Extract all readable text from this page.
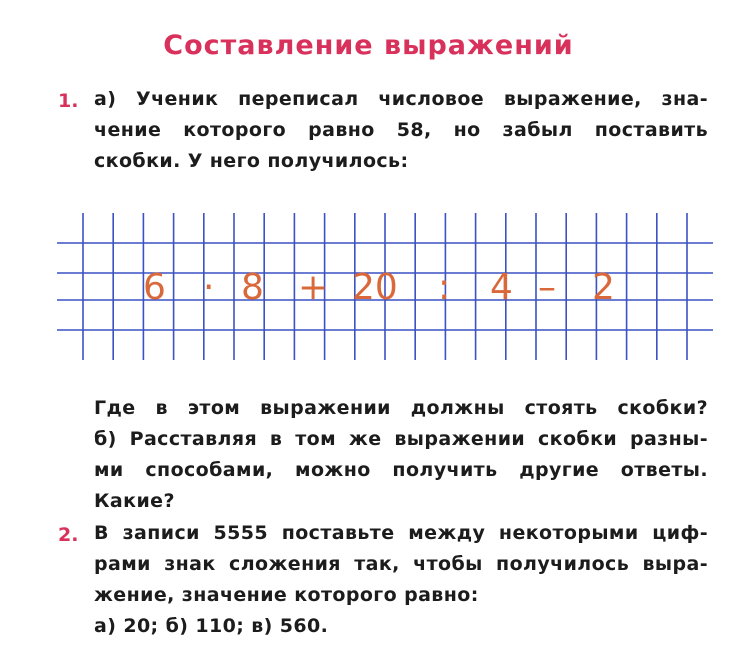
Составление выражений
1. а) Ученик переписал числовое выражение, зна-
чение которого равно 58, но забыл поставить
скобки. У него получилось:
6 · 8 + 20 : 4 – 2
Где в этом выражении должны стоять скобки?
б) Расставляя в том же выражении скобки разны-
ми способами, можно получить другие ответы.
Какие?
2. В записи 5555 поставьте между некоторыми циф-
рами знак сложения так, чтобы получилось выра-
жение, значение которого равно:
а) 20; б) 110; в) 560.
